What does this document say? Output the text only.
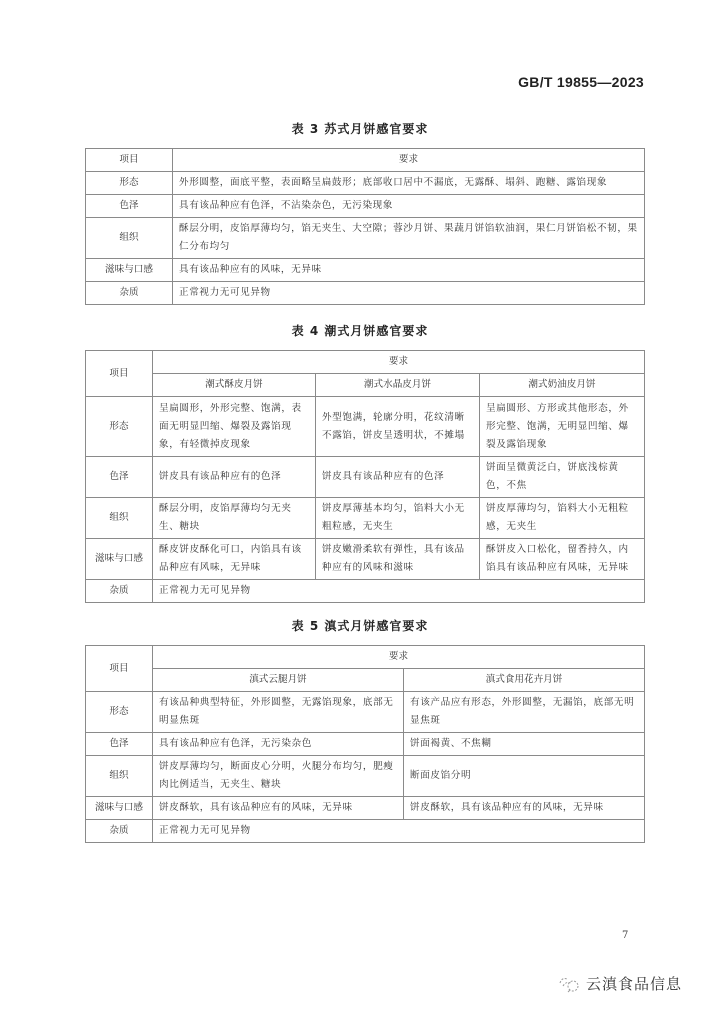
GB/T 19855—2023
表 3 苏式月饼感官要求
项目	要求
形态	外形圆整，面底平整，表面略呈扁鼓形；底部收口居中不漏底，无露酥、塌斜、跑糖、露馅现象
色泽	具有该品种应有色泽，不沾染杂色，无污染现象
组织	酥层分明，皮馅厚薄均匀，馅无夹生、大空隙；蓉沙月饼、果蔬月饼馅软油润，果仁月饼馅松不韧，果仁分布均匀
滋味与口感	具有该品种应有的风味，无异味
杂质	正常视力无可见异物
表 4 潮式月饼感官要求
项目	要求		
	潮式酥皮月饼	潮式水晶皮月饼	潮式奶油皮月饼
形态	呈扁圆形，外形完整、饱满，表面无明显凹缩、爆裂及露馅现象，有轻微掉皮现象	外型饱满，轮廓分明，花纹清晰不露馅，饼皮呈透明状，不摊塌	呈扁圆形、方形或其他形态，外形完整、饱满，无明显凹缩、爆裂及露馅现象
色泽	饼皮具有该品种应有的色泽	饼皮具有该品种应有的色泽	饼面呈微黄泛白，饼底浅棕黄色，不焦
组织	酥层分明，皮馅厚薄均匀无夹生、糖块	饼皮厚薄基本均匀，馅料大小无粗粒感，无夹生	饼皮厚薄均匀，馅料大小无粗粒感，无夹生
滋味与口感	酥皮饼皮酥化可口，内馅具有该品种应有风味，无异味	饼皮嫩滑柔软有弹性，具有该品种应有的风味和滋味	酥饼皮入口松化，留香持久，内馅具有该品种应有风味，无异味
杂质	正常视力无可见异物		
表 5 滇式月饼感官要求
项目	要求	
	滇式云腿月饼	滇式食用花卉月饼
形态	有该品种典型特征，外形圆整，无露馅现象，底部无明显焦斑	有该产品应有形态，外形圆整，无漏馅，底部无明显焦斑
色泽	具有该品种应有色泽，无污染杂色	饼面褐黄、不焦糊
组织	饼皮厚薄均匀，断面皮心分明，火腿分布均匀，肥瘦肉比例适当，无夹生、糖块	断面皮馅分明
滋味与口感	饼皮酥软，具有该品种应有的风味，无异味	饼皮酥软，具有该品种应有的风味，无异味
杂质	正常视力无可见异物	
7
云滇食品信息
